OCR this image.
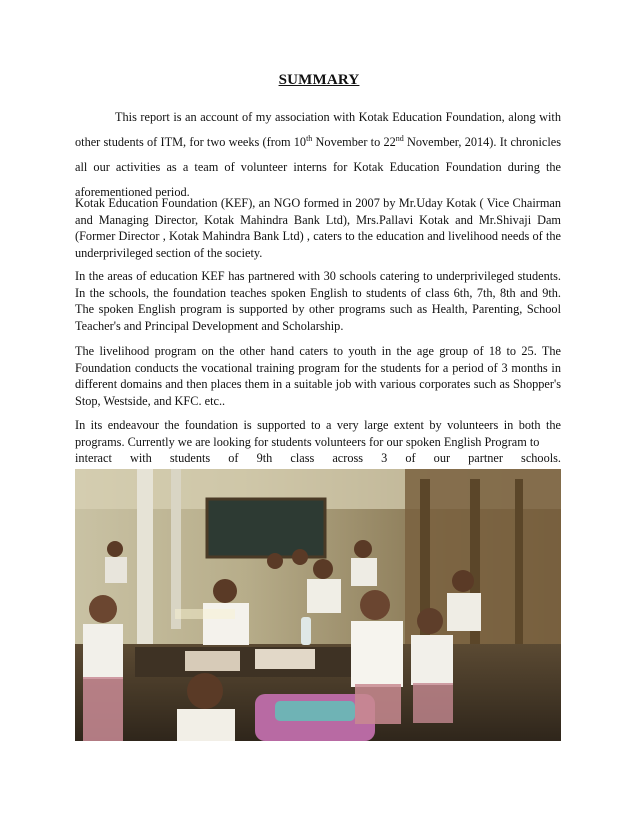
SUMMARY

This report is an account of my association with Kotak Education Foundation, along with other students of ITM, for two weeks (from 10th November to 22nd November, 2014). It chronicles all our activities as a team of volunteer interns for Kotak Education Foundation during the aforementioned period.

Kotak Education Foundation (KEF), an NGO formed in 2007 by Mr.Uday Kotak ( Vice Chairman and Managing Director, Kotak Mahindra Bank Ltd), Mrs.Pallavi Kotak and Mr.Shivaji Dam (Former Director , Kotak Mahindra Bank Ltd) , caters to the education and livelihood needs of the underprivileged section of the society.

In the areas of education KEF has partnered with 30 schools catering to underprivileged students. In the schools, the foundation teaches spoken English to students of class 6th, 7th, 8th and 9th. The spoken English program is supported by other programs such as Health, Parenting, School Teacher's and Principal Development and Scholarship.

The livelihood program on the other hand caters to youth in the age group of 18 to 25. The Foundation conducts the vocational training program for the students for a period of 3 months in different domains and then places them in a suitable job with various corporates such as Shopper's Stop, Westside, and KFC. etc..

In its endeavour the foundation is supported to a very large extent by volunteers in both the programs. Currently we are looking for students volunteers for our spoken English Program to
interact with students of 9th class across 3 of our partner schools.
